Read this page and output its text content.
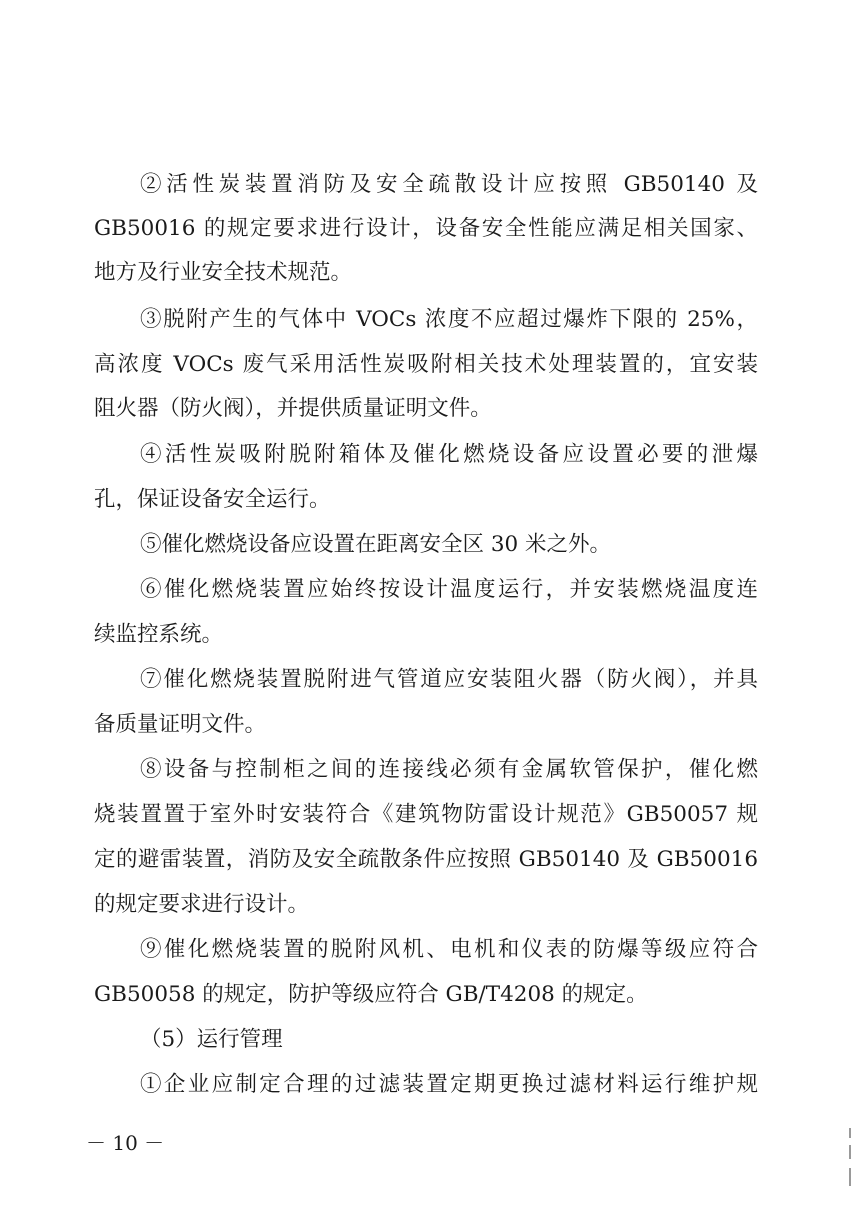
②活性炭装置消防及安全疏散设计应按照 GB50140 及
GB50016 的规定要求进行设计，设备安全性能应满足相关国家、
地方及行业安全技术规范。
③脱附产生的气体中 VOCs 浓度不应超过爆炸下限的 25%，
高浓度 VOCs 废气采用活性炭吸附相关技术处理装置的，宜安装
阻火器（防火阀），并提供质量证明文件。
④活性炭吸附脱附箱体及催化燃烧设备应设置必要的泄爆
孔，保证设备安全运行。
⑤催化燃烧设备应设置在距离安全区 30 米之外。
⑥催化燃烧装置应始终按设计温度运行，并安装燃烧温度连
续监控系统。
⑦催化燃烧装置脱附进气管道应安装阻火器（防火阀），并具
备质量证明文件。
⑧设备与控制柜之间的连接线必须有金属软管保护，催化燃
烧装置置于室外时安装符合《建筑物防雷设计规范》GB50057 规
定的避雷装置，消防及安全疏散条件应按照 GB50140 及 GB50016
的规定要求进行设计。
⑨催化燃烧装置的脱附风机、电机和仪表的防爆等级应符合
GB50058 的规定，防护等级应符合 GB/T4208 的规定。
（5）运行管理
①企业应制定合理的过滤装置定期更换过滤材料运行维护规
－ 10 －
